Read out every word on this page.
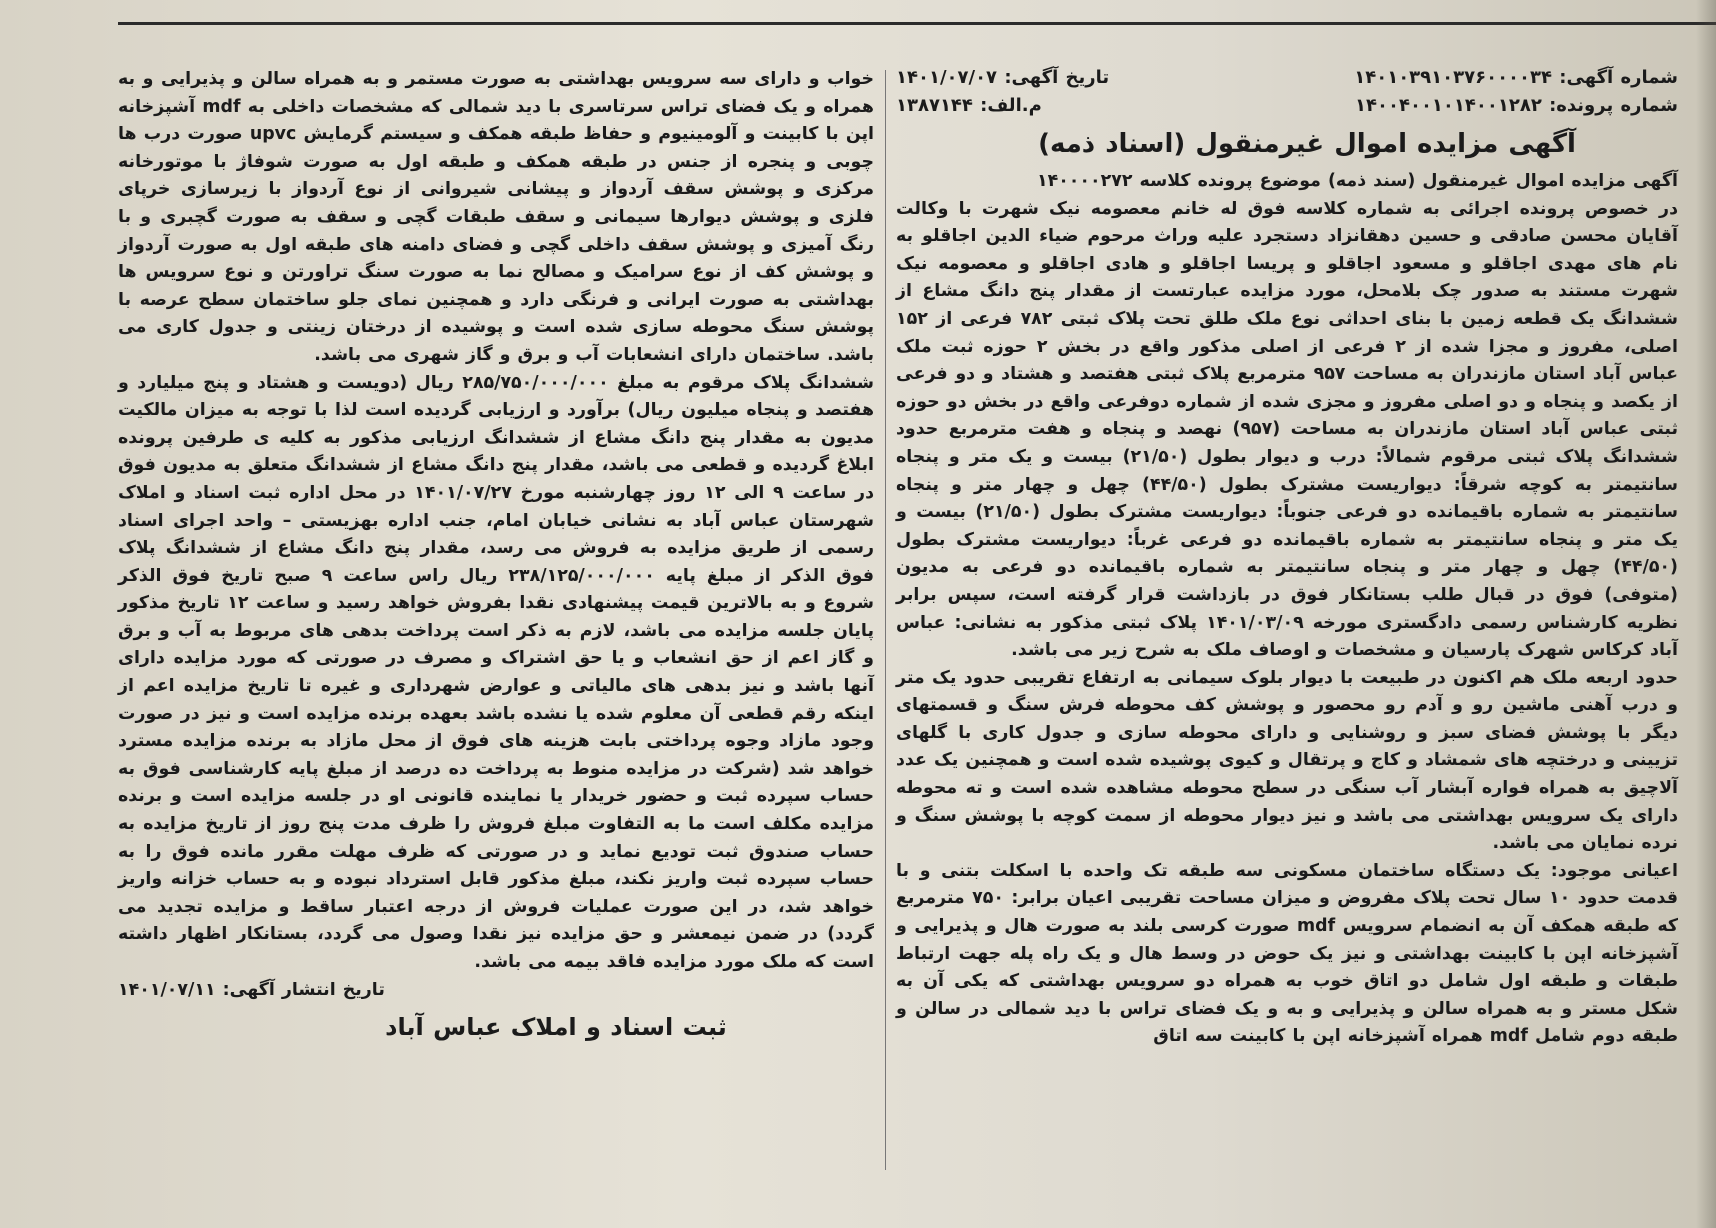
شماره آگهی: ۱۴۰۱۰۳۹۱۰۳۷۶۰۰۰۰۳۴
تاریخ آگهی: ۱۴۰۱/۰۷/۰۷
شماره پرونده: ۱۴۰۰۴۰۰۱۰۱۴۰۰۱۲۸۲
م.الف: ۱۳۸۷۱۴۴
آگهی مزایده اموال غیرمنقول (اسناد ذمه)

آگهی مزایده اموال غیرمنقول (سند ذمه) موضوع پرونده کلاسه ۱۴۰۰۰۰۲۷۲

در خصوص پرونده اجرائی به شماره کلاسه فوق له خانم معصومه نیک شهرت با وکالت آقایان محسن صادقی و حسین دهقانزاد دستجرد علیه وراث مرحوم ضیاء الدین اجاقلو به نام های مهدی اجاقلو و مسعود اجاقلو و پریسا اجاقلو و هادی اجاقلو و معصومه نیک شهرت مستند به صدور چک بلامحل، مورد مزایده عبارتست از مقدار پنج دانگ مشاع از ششدانگ یک قطعه زمین با بنای احداثی نوع ملک طلق تحت پلاک ثبتی ۷۸۲ فرعی از ۱۵۲ اصلی، مفروز و مجزا شده از ۲ فرعی از اصلی مذکور واقع در بخش ۲ حوزه ثبت ملک عباس آباد استان مازندران به مساحت ۹۵۷ مترمربع پلاک ثبتی هفتصد و هشتاد و دو فرعی از یکصد و پنجاه و دو اصلی مفروز و مجزی شده از شماره دوفرعی واقع در بخش دو حوزه ثبتی عباس آباد استان مازندران به مساحت (۹۵۷) نهصد و پنجاه و هفت مترمربع حدود ششدانگ پلاک ثبتی مرقوم شمالاً: درب و دیوار بطول (۲۱/۵۰) بیست و یک متر و پنجاه سانتیمتر به کوچه شرقاً: دیواریست مشترک بطول (۴۴/۵۰) چهل و چهار متر و پنجاه سانتیمتر به شماره باقیمانده دو فرعی جنوباً: دیواریست مشترک بطول (۲۱/۵۰) بیست و یک متر و پنجاه سانتیمتر به شماره باقیمانده دو فرعی غرباً: دیواریست مشترک بطول (۴۴/۵۰) چهل و چهار متر و پنجاه سانتیمتر به شماره باقیمانده دو فرعی به مدیون (متوفی) فوق در قبال طلب بستانکار فوق در بازداشت قرار گرفته است، سپس برابر نظریه کارشناس رسمی دادگستری مورخه ۱۴۰۱/۰۳/۰۹ پلاک ثبتی مذکور به نشانی: عباس آباد کرکاس شهرک پارسیان و مشخصات و اوصاف ملک به شرح زیر می باشد.

حدود اربعه ملک هم اکنون در طبیعت با دیوار بلوک سیمانی به ارتفاع تقریبی حدود یک متر و درب آهنی ماشین رو و آدم رو محصور و پوشش کف محوطه فرش سنگ و قسمتهای دیگر با پوشش فضای سبز و روشنایی و دارای محوطه سازی و جدول کاری با گلهای تزیینی و درختچه های شمشاد و کاج و پرتقال و کیوی پوشیده شده است و همچنین یک عدد آلاچیق به همراه فواره آبشار آب سنگی در سطح محوطه مشاهده شده است و ته محوطه دارای یک سرویس بهداشتی می باشد و نیز دیوار محوطه از سمت کوچه با پوشش سنگ و نرده نمایان می باشد.

اعیانی موجود: یک دستگاه ساختمان مسکونی سه طبقه تک واحده با اسکلت بتنی و با قدمت حدود ۱۰ سال تحت پلاک مفروض و میزان مساحت تقریبی اعیان برابر: ۷۵۰ مترمربع که طبقه همکف آن به انضمام سرویس mdf صورت کرسی بلند به صورت هال و پذیرایی و آشپزخانه اپن با کابینت بهداشتی و نیز یک حوض در وسط هال و یک راه پله جهت ارتباط طبقات و طبقه اول شامل دو اتاق خوب به همراه دو سرویس بهداشتی که یکی آن به شکل مستر و به همراه سالن و پذیرایی و به و یک فضای تراس با دید شمالی در سالن و طبقه دوم شامل mdf همراه آشپزخانه اپن با کابینت سه اتاق

خواب و دارای سه سرویس بهداشتی به صورت مستمر و به همراه سالن و پذیرایی و به همراه و یک فضای تراس سرتاسری با دید شمالی که مشخصات داخلی به mdf آشپزخانه اپن با کابینت و آلومینیوم و حفاظ طبقه همکف و سیستم گرمایش upvc صورت درب ها چوبی و پنجره از جنس در طبقه همکف و طبقه اول به صورت شوفاژ با موتورخانه مرکزی و پوشش سقف آردواز و پیشانی شیروانی از نوع آردواز با زیرسازی خرپای فلزی و پوشش دیوارها سیمانی و سقف طبقات گچی و سقف به صورت گچبری و با رنگ آمیزی و پوشش سقف داخلی گچی و فضای دامنه های طبقه اول به صورت آردواز و پوشش کف از نوع سرامیک و مصالح نما به صورت سنگ تراورتن و نوع سرویس ها بهداشتی به صورت ایرانی و فرنگی دارد و همچنین نمای جلو ساختمان سطح عرصه با پوشش سنگ محوطه سازی شده است و پوشیده از درختان زینتی و جدول کاری می باشد. ساختمان دارای انشعابات آب و برق و گاز شهری می باشد.

ششدانگ پلاک مرقوم به مبلغ ۲۸۵/۷۵۰/۰۰۰/۰۰۰ ریال (دویست و هشتاد و پنج میلیارد و هفتصد و پنجاه میلیون ریال) برآورد و ارزیابی گردیده است لذا با توجه به میزان مالکیت مدیون به مقدار پنج دانگ مشاع از ششدانگ ارزیابی مذکور به کلیه ی طرفین پرونده ابلاغ گردیده و قطعی می باشد، مقدار پنج دانگ مشاع از ششدانگ متعلق به مدیون فوق در ساعت ۹ الی ۱۲ روز چهارشنبه مورخ ۱۴۰۱/۰۷/۲۷ در محل اداره ثبت اسناد و املاک شهرستان عباس آباد به نشانی خیابان امام، جنب اداره بهزیستی – واحد اجرای اسناد رسمی از طریق مزایده به فروش می رسد، مقدار پنج دانگ مشاع از ششدانگ پلاک فوق الذکر از مبلغ پایه ۲۳۸/۱۲۵/۰۰۰/۰۰۰ ریال راس ساعت ۹ صبح تاریخ فوق الذکر شروع و به بالاترین قیمت پیشنهادی نقدا بفروش خواهد رسید و ساعت ۱۲ تاریخ مذکور پایان جلسه مزایده می باشد، لازم به ذکر است پرداخت بدهی های مربوط به آب و برق و گاز اعم از حق انشعاب و یا حق اشتراک و مصرف در صورتی که مورد مزایده دارای آنها باشد و نیز بدهی های مالیاتی و عوارض شهرداری و غیره تا تاریخ مزایده اعم از اینکه رقم قطعی آن معلوم شده یا نشده باشد بعهده برنده مزایده است و نیز در صورت وجود مازاد وجوه پرداختی بابت هزینه های فوق از محل مازاد به برنده مزایده مسترد خواهد شد (شرکت در مزایده منوط به پرداخت ده درصد از مبلغ پایه کارشناسی فوق به حساب سپرده ثبت و حضور خریدار یا نماینده قانونی او در جلسه مزایده است و برنده مزایده مکلف است ما به التفاوت مبلغ فروش را ظرف مدت پنج روز از تاریخ مزایده به حساب صندوق ثبت تودیع نماید و در صورتی که ظرف مهلت مقرر مانده فوق را به حساب سپرده ثبت واریز نکند، مبلغ مذکور قابل استرداد نبوده و به حساب خزانه واریز خواهد شد، در این صورت عملیات فروش از درجه اعتبار ساقط و مزایده تجدید می گردد) در ضمن نیمعشر و حق مزایده نیز نقدا وصول می گردد، بستانکار اظهار داشته است که ملک مورد مزایده فاقد بیمه می باشد.

تاریخ انتشار آگهی: ۱۴۰۱/۰۷/۱۱
ثبت اسناد و املاک عباس آباد
